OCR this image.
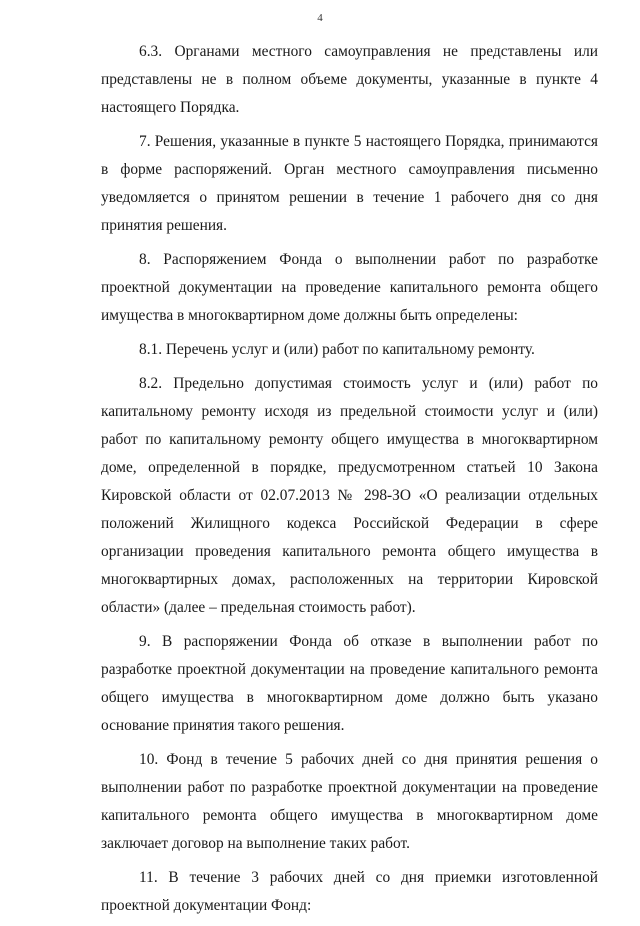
4

6.3. Органами местного самоуправления не представлены или представлены не в полном объеме документы, указанные в пункте 4 настоящего Порядка.

7. Решения, указанные в пункте 5 настоящего Порядка, принимаются в форме распоряжений. Орган местного самоуправления письменно уведомляется о принятом решении в течение 1 рабочего дня со дня принятия решения.

8. Распоряжением Фонда о выполнении работ по разработке проектной документации на проведение капитального ремонта общего имущества в многоквартирном доме должны быть определены:

8.1. Перечень услуг и (или) работ по капитальному ремонту.

8.2. Предельно допустимая стоимость услуг и (или) работ по капитальному ремонту исходя из предельной стоимости услуг и (или) работ по капитальному ремонту общего имущества в многоквартирном доме, определенной в порядке, предусмотренном статьей 10 Закона Кировской области от 02.07.2013 № 298-ЗО «О реализации отдельных положений Жилищного кодекса Российской Федерации в сфере организации проведения капитального ремонта общего имущества в многоквартирных домах, расположенных на территории Кировской области» (далее – предельная стоимость работ).

9. В распоряжении Фонда об отказе в выполнении работ по разработке проектной документации на проведение капитального ремонта общего имущества в многоквартирном доме должно быть указано основание принятия такого решения.

10. Фонд в течение 5 рабочих дней со дня принятия решения о выполнении работ по разработке проектной документации на проведение капитального ремонта общего имущества в многоквартирном доме заключает договор на выполнение таких работ.

11. В течение 3 рабочих дней со дня приемки изготовленной проектной документации Фонд:
